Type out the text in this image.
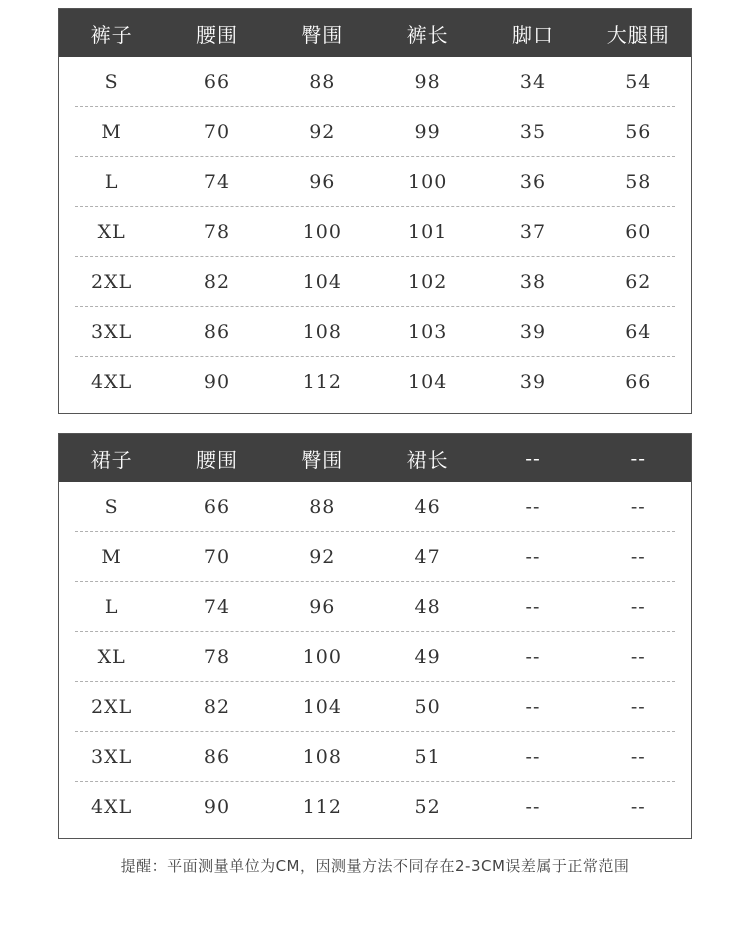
裤子	腰围	臀围	裤长	脚口	大腿围
S	66	88	98	34	54
M	70	92	99	35	56
L	74	96	100	36	58
XL	78	100	101	37	60
2XL	82	104	102	38	62
3XL	86	108	103	39	64
4XL	90	112	104	39	66
裙子	腰围	臀围	裙长	--	--
S	66	88	46	--	--
M	70	92	47	--	--
L	74	96	48	--	--
XL	78	100	49	--	--
2XL	82	104	50	--	--
3XL	86	108	51	--	--
4XL	90	112	52	--	--
提醒：平面测量单位为CM，因测量方法不同存在2-3CM误差属于正常范围
